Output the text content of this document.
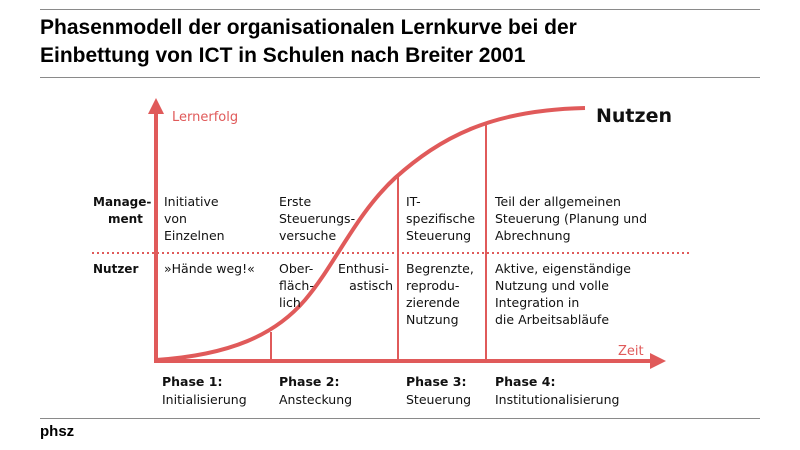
Phasenmodell der organisationalen Lernkurve bei der
Einbettung von ICT in Schulen nach Breiter 2001
Lernerfolg
Zeit
Nutzen
Manage-
ment
Nutzer
Initiative von Einzelnen
Erste Steuerungs- versuche
IT- spezifische Steuerung
Teil der allgemeinen Steuerung (Planung und Abrechnung
»Hände weg!« Ober- fläch- lich
Enthusi- astisch
Begrenzte, reprodu- zierende Nutzung
Aktive, eigenständige Nutzung und volle Integration in die Arbeitsabläufe
Phase 1: Initialisierung
Phase 2: Ansteckung
Phase 3: Steuerung
Phase 4: Institutionalisierung
phsz
